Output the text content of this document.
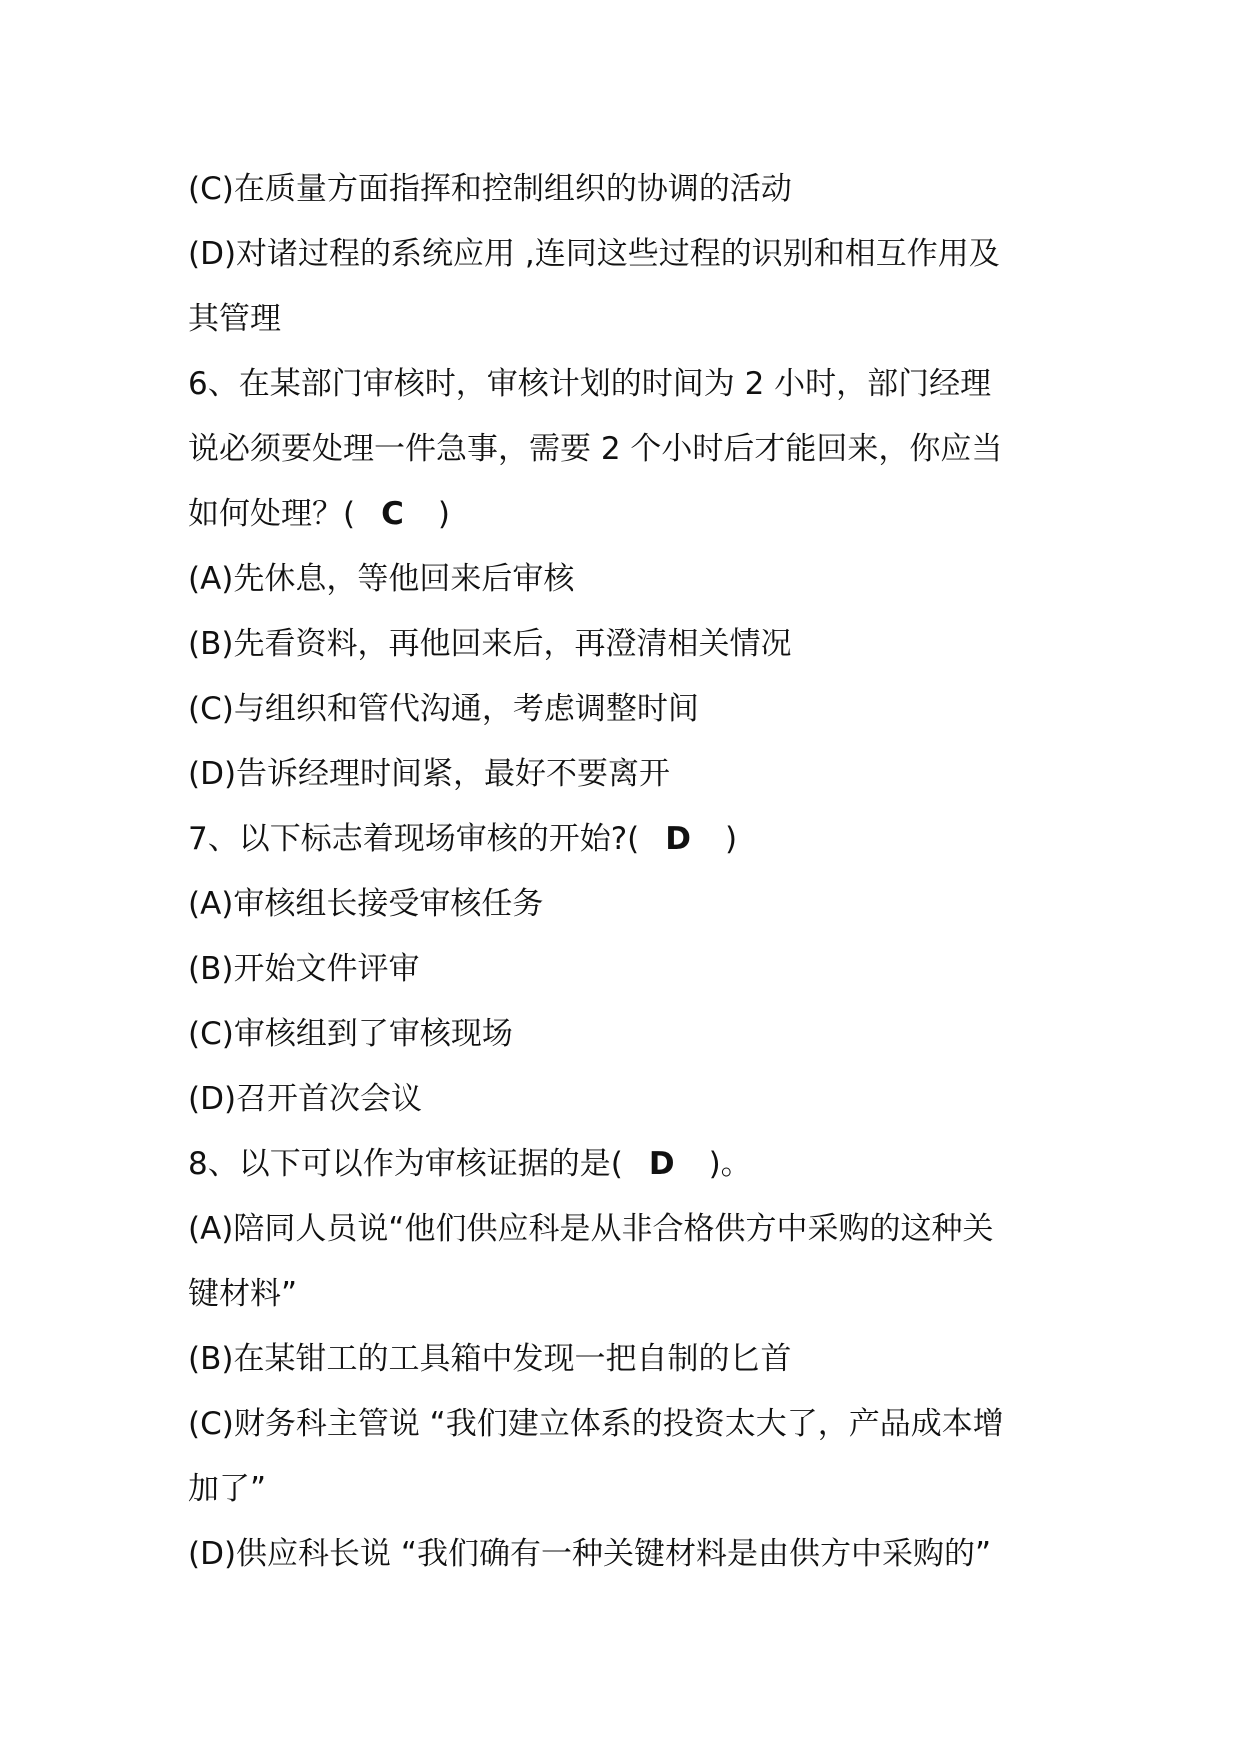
(C)在质量方面指挥和控制组织的协调的活动
(D)对诸过程的系统应用 ,连同这些过程的识别和相互作用及
其管理
6、在某部门审核时，审核计划的时间为 2 小时，部门经理
说必须要处理一件急事，需要 2 个小时后才能回来，你应当
如何处理？( C )
(A)先休息，等他回来后审核
(B)先看资料，再他回来后，再澄清相关情况
(C)与组织和管代沟通，考虑调整时间
(D)告诉经理时间紧，最好不要离开
7、以下标志着现场审核的开始?( D )
(A)审核组长接受审核任务
(B)开始文件评审
(C)审核组到了审核现场
(D)召开首次会议
8、以下可以作为审核证据的是( D )。
(A)陪同人员说“他们供应科是从非合格供方中采购的这种关
键材料”
(B)在某钳工的工具箱中发现一把自制的匕首
(C)财务科主管说 “我们建立体系的投资太大了，产品成本增
加了”
(D)供应科长说 “我们确有一种关键材料是由供方中采购的”
